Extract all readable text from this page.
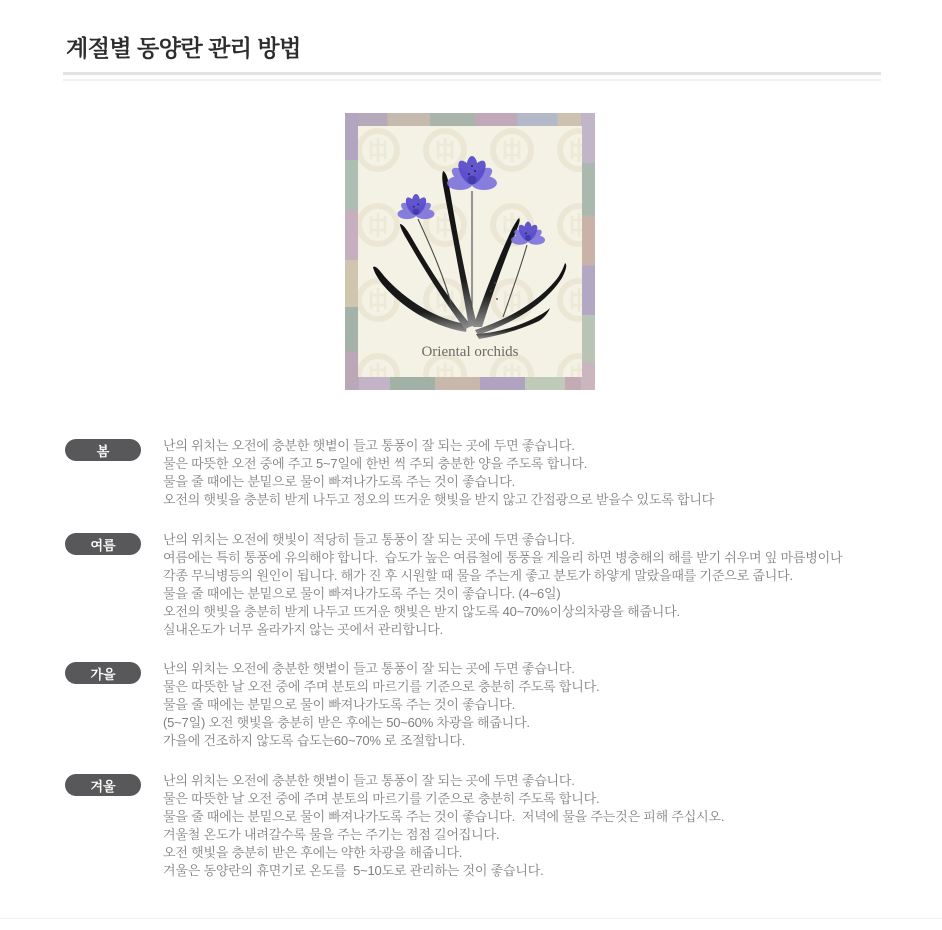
계절별 동양란 관리 방법
Oriental orchids
봄	난의 위치는 오전에 충분한 햇볕이 들고 통풍이 잘 되는 곳에 두면 좋습니다.
물은 따뜻한 오전 중에 주고 5~7일에 한번 씩 주되 충분한 양을 주도록 합니다.
물을 줄 때에는 분밑으로 물이 빠져나가도록 주는 것이 좋습니다.
오전의 햇빛을 충분히 받게 나두고 정오의 뜨거운 햇빛을 받지 않고 간접광으로 받을수 있도록 합니다
여름	난의 위치는 오전에 햇빛이 적당히 들고 통풍이 잘 되는 곳에 두면 좋습니다.
여름에는 특히 통풍에 유의해야 합니다.  습도가 높은 여름철에 통풍을 게을리 하면 병충해의 해를 받기 쉬우며 잎 마름병이나
각종 무늬병등의 원인이 됩니다. 해가 진 후 시원할 때 물을 주는게 좋고 분토가 하얗게 말랐을때를 기준으로 줍니다.
물을 줄 때에는 분밑으로 물이 빠져나가도록 주는 것이 좋습니다. (4~6일)
오전의 햇빛을 충분히 받게 나두고 뜨거운 햇빛은 받지 않도록 40~70%이상의차광을 해줍니다.
실내온도가 너무 올라가지 않는 곳에서 관리합니다.
가을	난의 위치는 오전에 충분한 햇볕이 들고 통풍이 잘 되는 곳에 두면 좋습니다.
물은 따뜻한 날 오전 중에 주며 분토의 마르기를 기준으로 충분히 주도록 합니다.
물을 줄 때에는 분밑으로 물이 빠져나가도록 주는 것이 좋습니다.
(5~7일) 오전 햇빛을 충분히 받은 후에는 50~60% 차광을 해줍니다.
가을에 건조하지 않도록 습도는60~70% 로 조절합니다.
겨울	난의 위치는 오전에 충분한 햇볕이 들고 통풍이 잘 되는 곳에 두면 좋습니다.
물은 따뜻한 날 오전 중에 주며 분토의 마르기를 기준으로 충분히 주도록 합니다.
물을 줄 때에는 분밑으로 물이 빠져나가도록 주는 것이 좋습니다.  저녁에 물을 주는것은 피해 주십시오.
겨울철 온도가 내려갈수록 물을 주는 주기는 점점 길어집니다.
오전 햇빛을 충분히 받은 후에는 약한 차광을 해줍니다.
겨울은 동양란의 휴면기로 온도를  5~10도로 관리하는 것이 좋습니다.
